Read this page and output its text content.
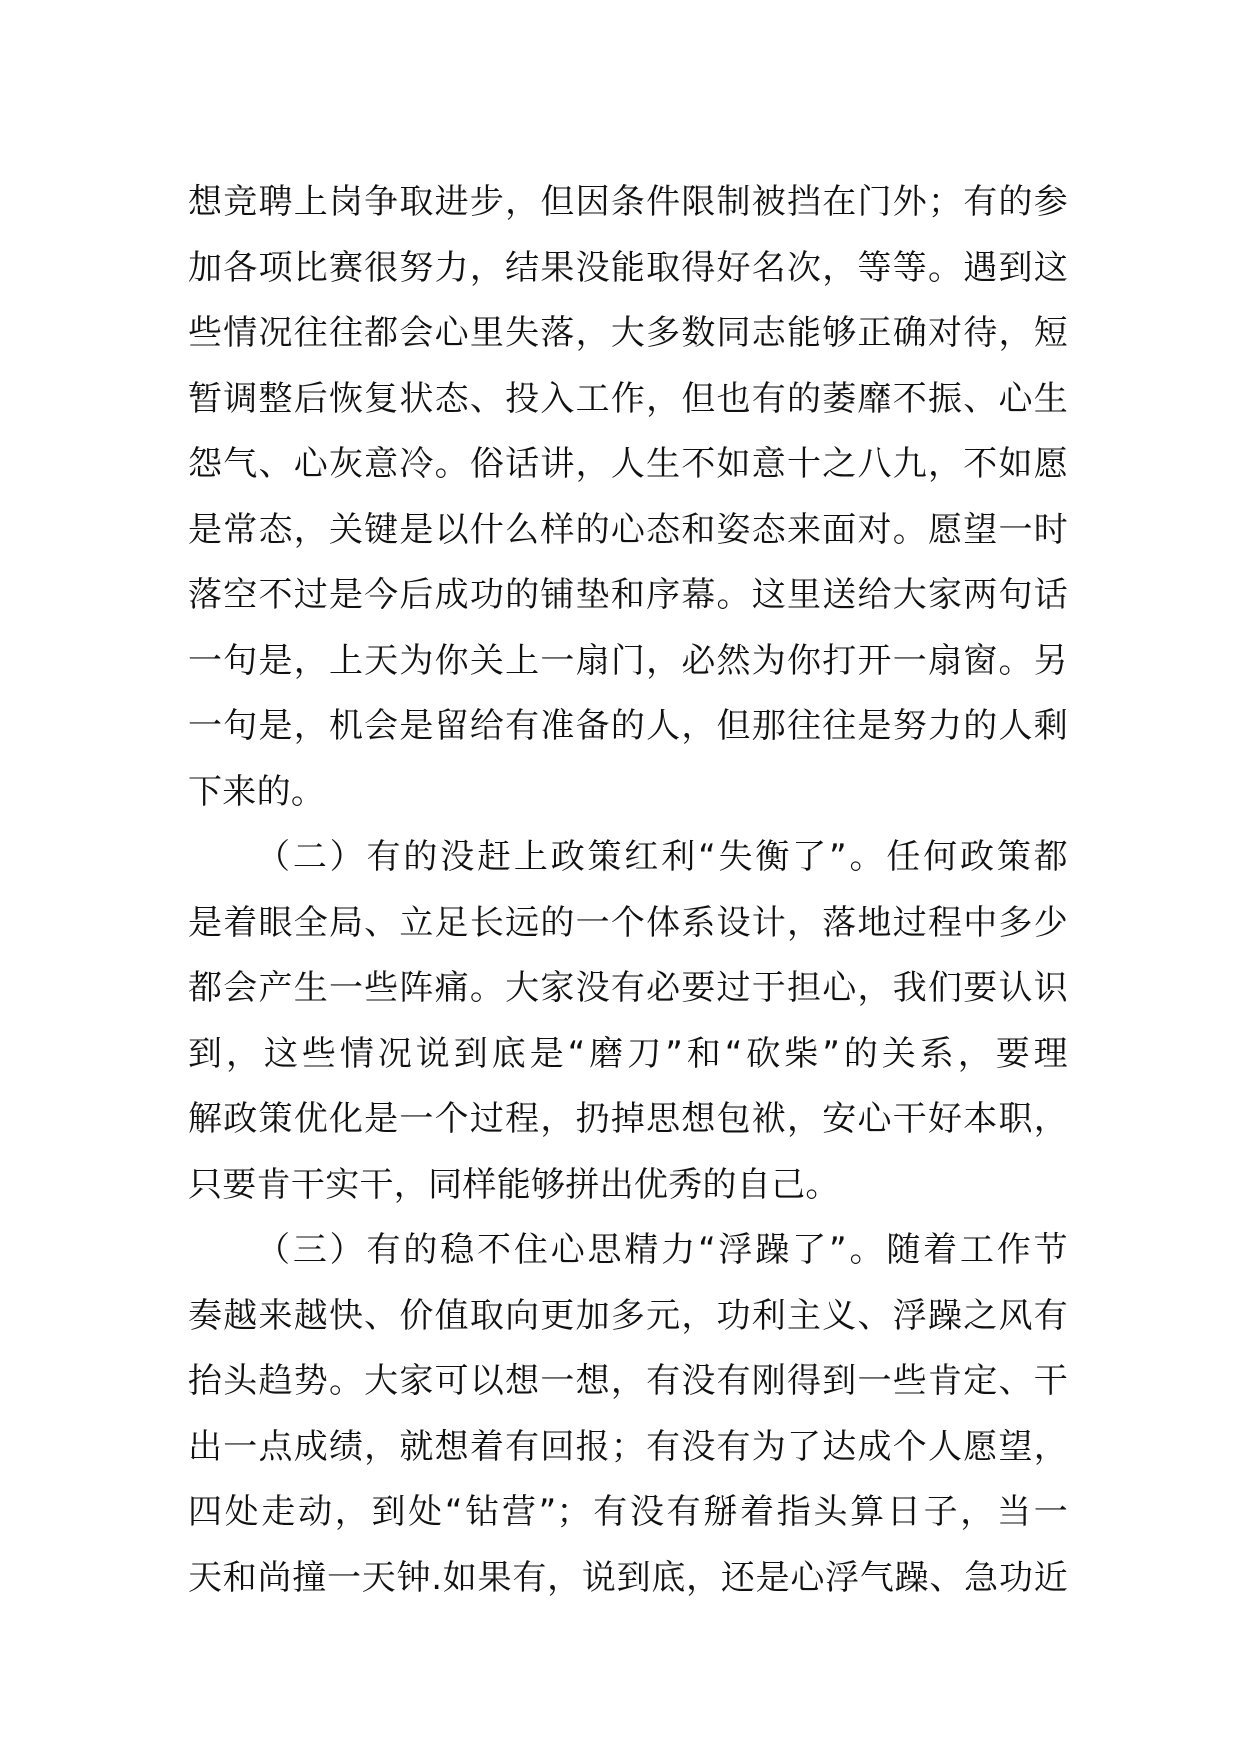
想竞聘上岗争取进步，但因条件限制被挡在门外；有的参
加各项比赛很努力，结果没能取得好名次，等等。遇到这
些情况往往都会心里失落，大多数同志能够正确对待，短
暂调整后恢复状态、投入工作，但也有的萎靡不振、心生
怨气、心灰意冷。俗话讲，人生不如意十之八九，不如愿
是常态，关键是以什么样的心态和姿态来面对。愿望一时
落空不过是今后成功的铺垫和序幕。这里送给大家两句话
一句是，上天为你关上一扇门，必然为你打开一扇窗。另
一句是，机会是留给有准备的人，但那往往是努力的人剩
下来的。
（二）有的没赶上政策红利“失衡了”。任何政策都
是着眼全局、立足长远的一个体系设计，落地过程中多少
都会产生一些阵痛。大家没有必要过于担心，我们要认识
到，这些情况说到底是“磨刀”和“砍柴”的关系，要理
解政策优化是一个过程，扔掉思想包袱，安心干好本职，
只要肯干实干，同样能够拼出优秀的自己。
（三）有的稳不住心思精力“浮躁了”。随着工作节
奏越来越快、价值取向更加多元，功利主义、浮躁之风有
抬头趋势。大家可以想一想，有没有刚得到一些肯定、干
出一点成绩，就想着有回报；有没有为了达成个人愿望，
四处走动，到处“钻营”；有没有掰着指头算日子，当一
天和尚撞一天钟.如果有，说到底，还是心浮气躁、急功近
